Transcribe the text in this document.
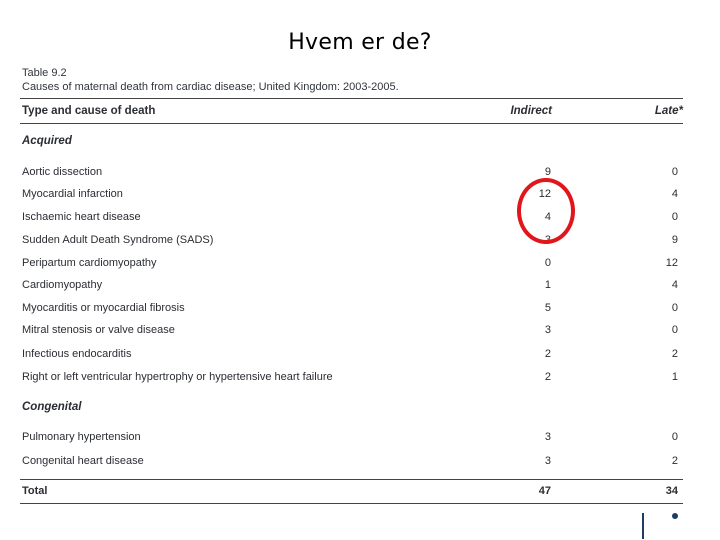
Hvem er de?
Table 9.2
Causes of maternal death from cardiac disease; United Kingdom: 2003-2005.
Type and cause of death	Indirect	Late*
Acquired
Aortic dissection	9	0
Myocardial infarction	12	4
Ischaemic heart disease	4	0
Sudden Adult Death Syndrome (SADS)	3	9
Peripartum cardiomyopathy	0	12
Cardiomyopathy	1	4
Myocarditis or myocardial fibrosis	5	0
Mitral stenosis or valve disease	3	0
Infectious endocarditis	2	2
Right or left ventricular hypertrophy or hypertensive heart failure	2	1
Congenital
Pulmonary hypertension	3	0
Congenital heart disease	3	2
Total	47	34
